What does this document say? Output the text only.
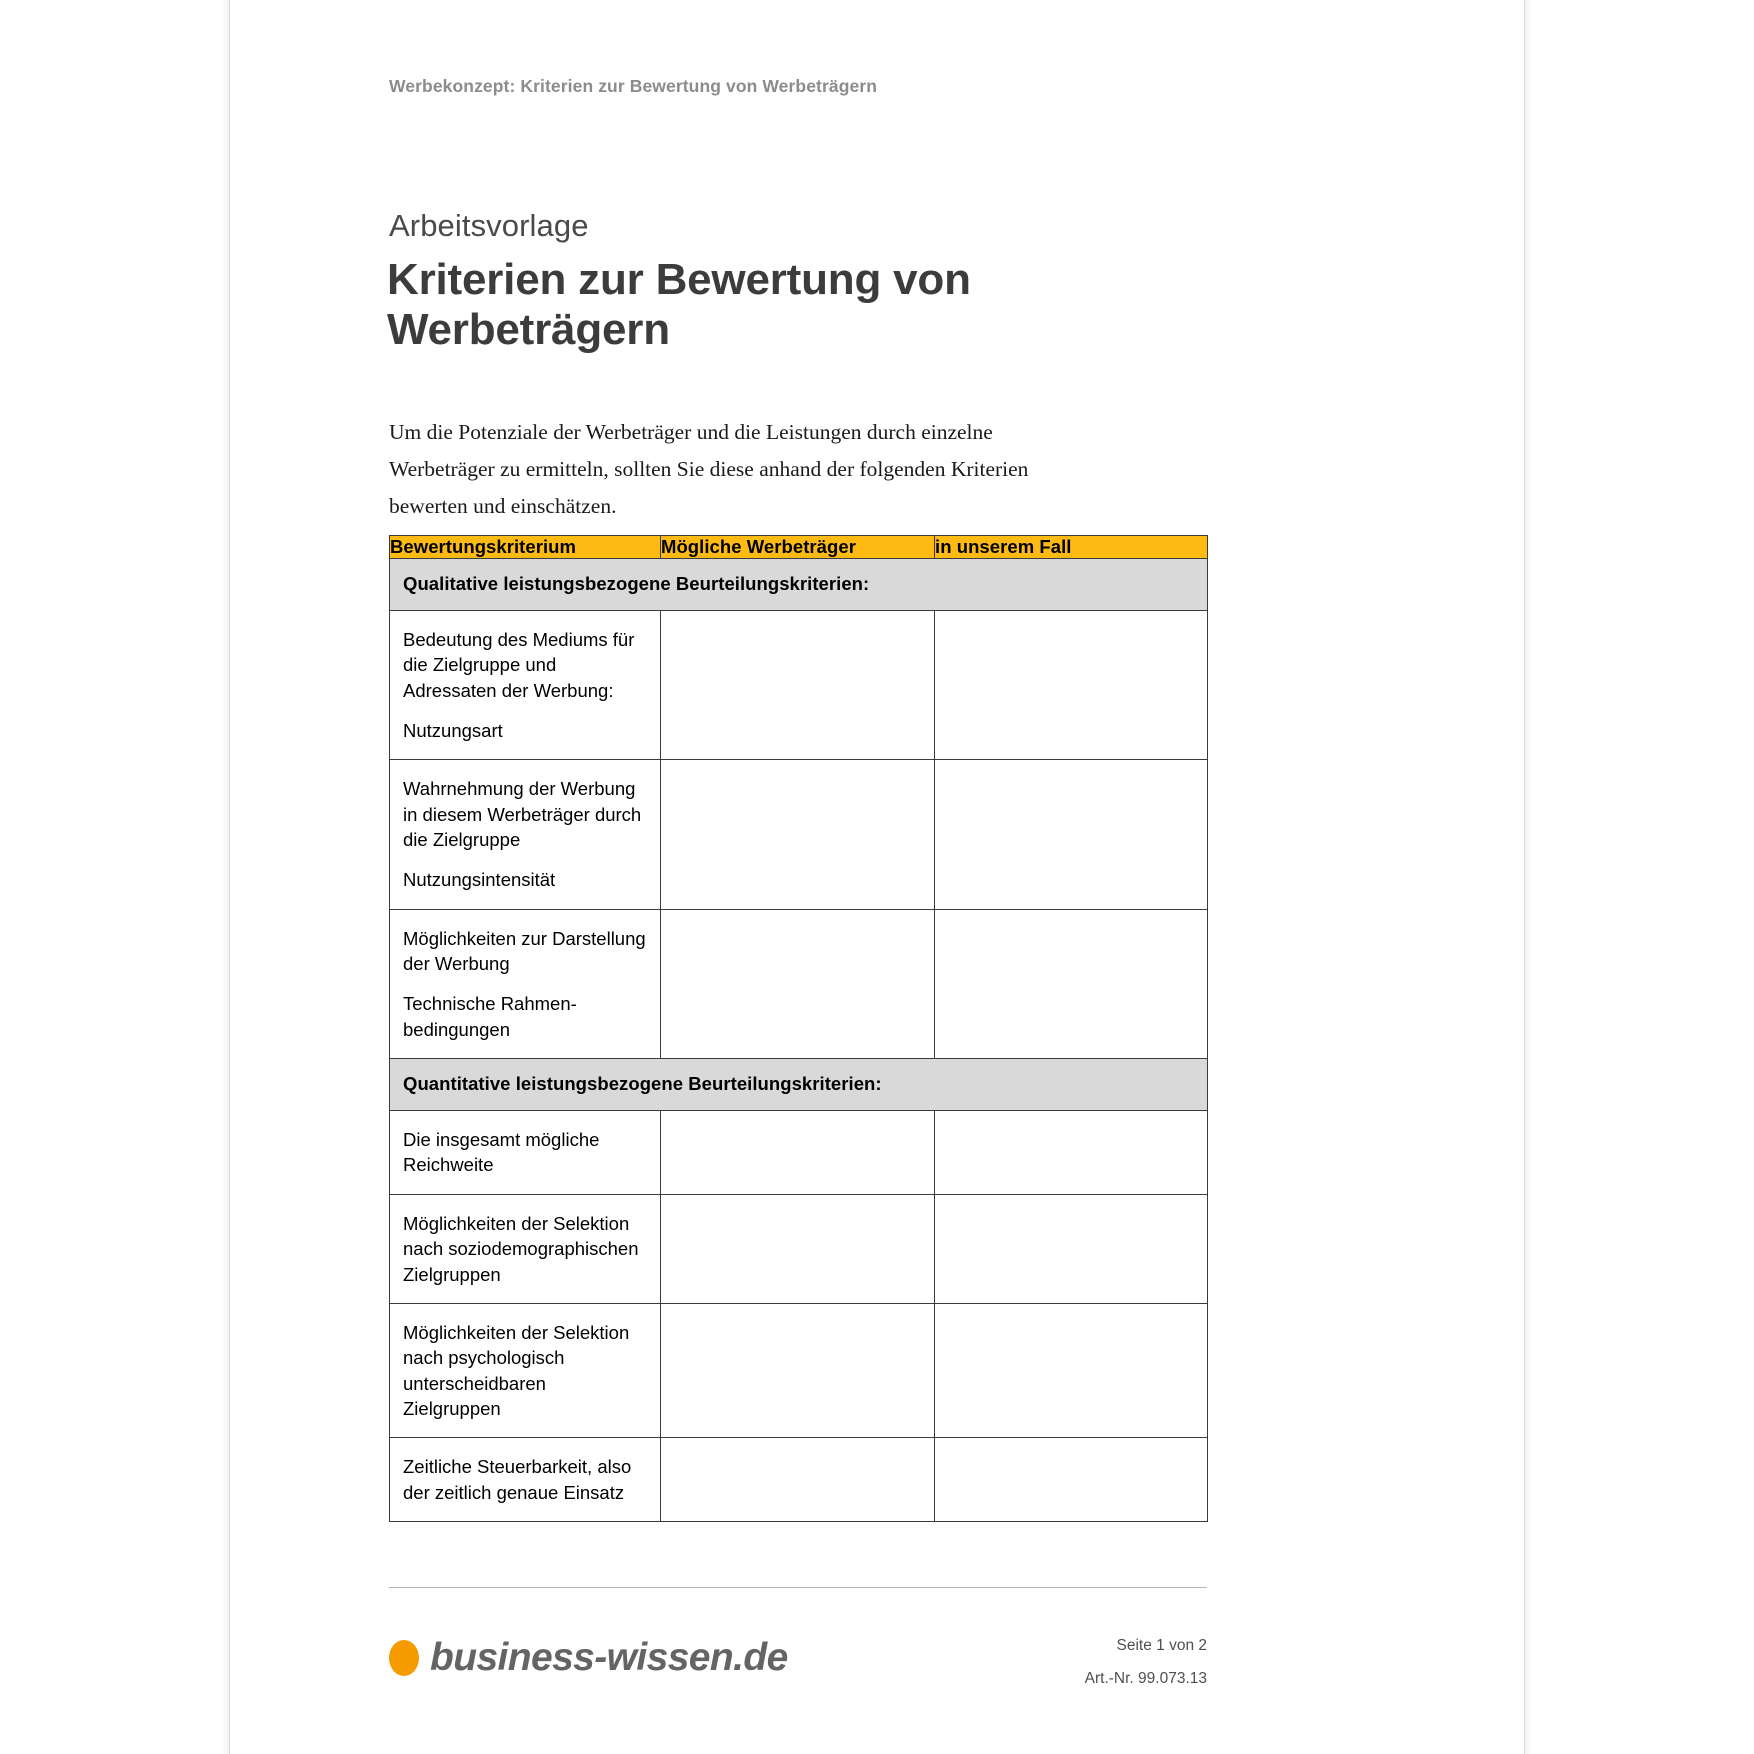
Werbekonzept: Kriterien zur Bewertung von Werbeträgern
Arbeitsvorlage
Kriterien zur Bewertung von Werbeträgern
Um die Potenziale der Werbeträger und die Leistungen durch einzelne Werbeträger zu ermitteln, sollten Sie diese anhand der folgenden Kriterien bewerten und einschätzen.
Bewertungskriterium	Mögliche Werbeträger	in unserem Fall
Qualitative leistungsbezogene Beurteilungskriterien:		

Bedeutung des Mediums für die Zielgruppe und Adressaten der Werbung:

Nutzungsart		

Wahrnehmung der Werbung in diesem Werbeträger durch die Zielgruppe

Nutzungsintensität		

Möglichkeiten zur Darstellung der Werbung

Technische Rahmen-bedingungen		

Quantitative leistungsbezogene Beurteilungskriterien:		

Die insgesamt mögliche Reichweite		

Möglichkeiten der Selektion nach soziodemographischen Zielgruppen		

Möglichkeiten der Selektion nach psychologisch unterscheidbaren Zielgruppen		

Zeitliche Steuerbarkeit, also der zeitlich genaue Einsatz		

business-wissen.de	Seite 1 von 2
Art.-Nr. 99.073.13
